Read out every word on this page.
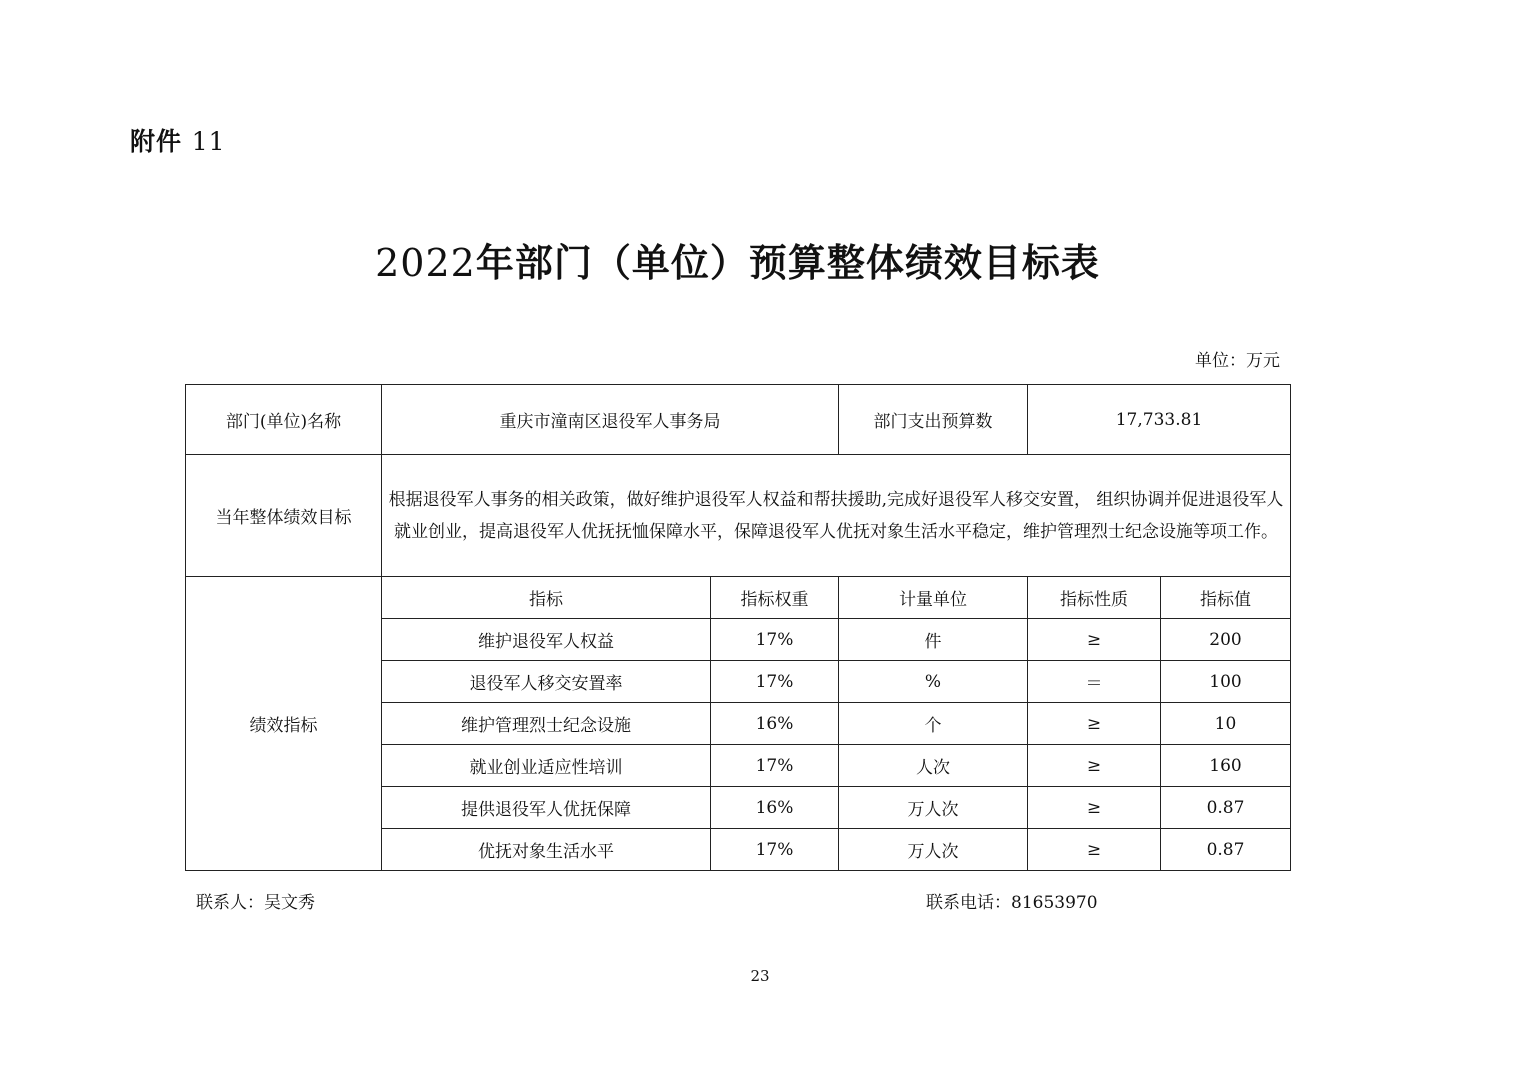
附件 11
2022年部门（单位）预算整体绩效目标表
单位：万元
部门(单位)名称	重庆市潼南区退役军人事务局		部门支出预算数	17,733.81	
当年整体绩效目标	根据退役军人事务的相关政策，做好维护退役军人权益和帮扶援助,完成好退役军人移交安置， 组织协调并促进退役军人就业创业，提高退役军人优抚抚恤保障水平，保障退役军人优抚对象生活水平稳定，维护管理烈士纪念设施等项工作。				
绩效指标	指标	指标权重	计量单位	指标性质	指标值
	维护退役军人权益	17%	件	≥	200
	退役军人移交安置率	17%	%	＝	100
	维护管理烈士纪念设施	16%	个	≥	10
	就业创业适应性培训	17%	人次	≥	160
	提供退役军人优抚保障	16%	万人次	≥	0.87
	优抚对象生活水平	17%	万人次	≥	0.87
联系人：吴文秀	联系电话：81653970
23
